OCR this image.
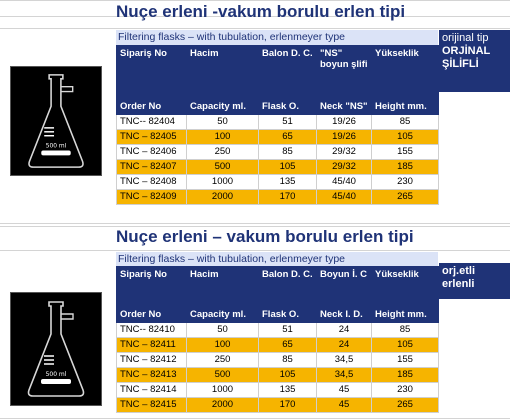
500 ml
Nuçe erleni -vakum borulu erlen tipi
Filtering flasks – with tubulation, erlenmeyer type	orijinal tip
ORJİNAL
ŞİLİFLİ
Sipariş No	Hacim	Balon D. C.	"NS" boyun şlifi	Yükseklik
Order No	Capacity ml.	Flask O.	Neck "NS"	Height mm.
TNC-- 82404	50	51	19/26	85
TNC – 82405	100	65	19/26	105
TNC – 82406	250	85	29/32	155
TNC – 82407	500	105	29/32	185
TNC – 82408	1000	135	45/40	230
TNC – 82409	2000	170	45/40	265
500 ml
Nuçe erleni – vakum borulu erlen tipi
Filtering flasks – with tubulation, erlenmeyer type
orj.etli
erlenli
Sipariş No	Hacim	Balon D. C.	Boyun İ. C	Yükseklik
Order No	Capacity ml.	Flask O.	Neck I. D.	Height mm.
TNC-- 82410	50	51	24	85
TNC – 82411	100	65	24	105
TNC – 82412	250	85	34,5	155
TNC – 82413	500	105	34,5	185
TNC – 82414	1000	135	45	230
TNC – 82415	2000	170	45	265
